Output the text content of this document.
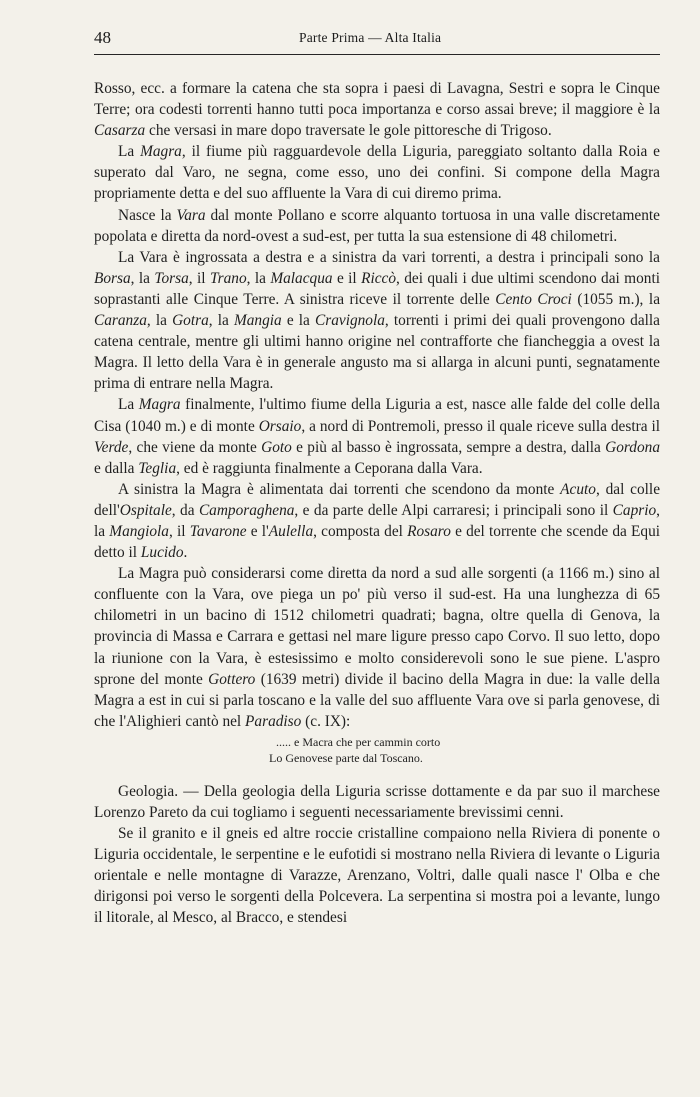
48	Parte Prima — Alta Italia

Rosso, ecc. a formare la catena che sta sopra i paesi di Lavagna, Sestri e sopra le Cinque Terre; ora codesti torrenti hanno tutti poca importanza e corso assai breve; il maggiore è la Casarza che versasi in mare dopo traversate le gole pittoresche di Trigoso.

La Magra, il fiume più ragguardevole della Liguria, pareggiato soltanto dalla Roia e superato dal Varo, ne segna, come esso, uno dei confini. Si compone della Magra propriamente detta e del suo affluente la Vara di cui diremo prima.

Nasce la Vara dal monte Pollano e scorre alquanto tortuosa in una valle discretamente popolata e diretta da nord-ovest a sud-est, per tutta la sua estensione di 48 chilometri.

La Vara è ingrossata a destra e a sinistra da vari torrenti, a destra i principali sono la Borsa, la Torsa, il Trano, la Malacqua e il Riccò, dei quali i due ultimi scendono dai monti soprastanti alle Cinque Terre. A sinistra riceve il torrente delle Cento Croci (1055 m.), la Caranza, la Gotra, la Mangia e la Cravignola, torrenti i primi dei quali provengono dalla catena centrale, mentre gli ultimi hanno origine nel contrafforte che fiancheggia a ovest la Magra. Il letto della Vara è in generale angusto ma si allarga in alcuni punti, segnatamente prima di entrare nella Magra.

La Magra finalmente, l'ultimo fiume della Liguria a est, nasce alle falde del colle della Cisa (1040 m.) e di monte Orsaio, a nord di Pontremoli, presso il quale riceve sulla destra il Verde, che viene da monte Goto e più al basso è ingrossata, sempre a destra, dalla Gordona e dalla Teglia, ed è raggiunta finalmente a Ceporana dalla Vara.

A sinistra la Magra è alimentata dai torrenti che scendono da monte Acuto, dal colle dell'Ospitale, da Camporaghena, e da parte delle Alpi carraresi; i principali sono il Caprio, la Mangiola, il Tavarone e l'Aulella, composta del Rosaro e del torrente che scende da Equi detto il Lucido.

La Magra può considerarsi come diretta da nord a sud alle sorgenti (a 1166 m.) sino al confluente con la Vara, ove piega un po' più verso il sud-est. Ha una lunghezza di 65 chilometri in un bacino di 1512 chilometri quadrati; bagna, oltre quella di Genova, la provincia di Massa e Carrara e gettasi nel mare ligure presso capo Corvo. Il suo letto, dopo la riunione con la Vara, è estesissimo e molto considerevoli sono le sue piene. L'aspro sprone del monte Gottero (1639 metri) divide il bacino della Magra in due: la valle della Magra a est in cui si parla toscano e la valle del suo affluente Vara ove si parla genovese, di che l'Alighieri cantò nel Paradiso (c. IX):

..... e Macra che per cammin corto
Lo Genovese parte dal Toscano.

Geologia. — Della geologia della Liguria scrisse dottamente e da par suo il marchese Lorenzo Pareto da cui togliamo i seguenti necessariamente brevissimi cenni.

Se il granito e il gneis ed altre roccie cristalline compaiono nella Riviera di ponente o Liguria occidentale, le serpentine e le eufotidi si mostrano nella Riviera di levante o Liguria orientale e nelle montagne di Varazze, Arenzano, Voltri, dalle quali nasce l' Olba e che dirigonsi poi verso le sorgenti della Polcevera. La serpentina si mostra poi a levante, lungo il litorale, al Mesco, al Bracco, e stendesi
